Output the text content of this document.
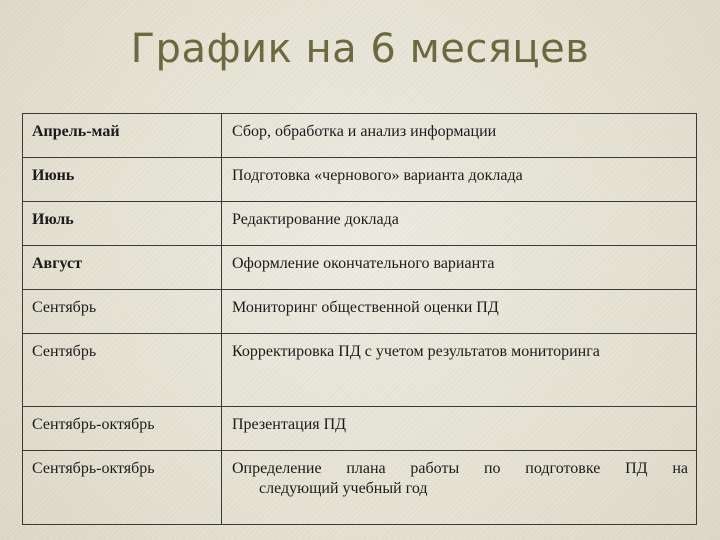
График на 6 месяцев
Апрель-май	Сбор, обработка и анализ информации

Июнь	Подготовка «чернового» варианта доклада

Июль	Редактирование доклада

Август	Оформление окончательного варианта

Сентябрь	Мониторинг общественной оценки ПД

Сентябрь	Корректировка ПД с учетом результатов мониторинга

Сентябрь-октябрь	Презентация ПД

Сентябрь-октябрь	Определение плана работы по подготовке ПД на
следующий учебный год
